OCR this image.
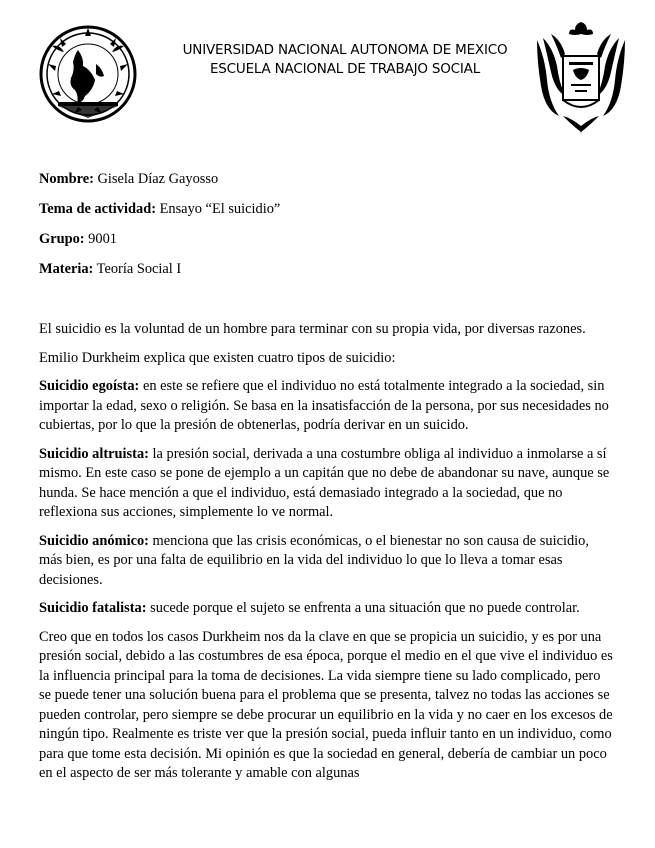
UNIVERSIDAD NACIONAL AUTONOMA DE MEXICO
ESCUELA NACIONAL DE TRABAJO SOCIAL
Nombre: Gisela Díaz Gayosso
Tema de actividad: Ensayo “El suicidio”
Grupo: 9001
Materia: Teoría Social I

El suicidio es la voluntad de un hombre para terminar con su propia vida, por diversas razones.

Emilio Durkheim explica que existen cuatro tipos de suicidio:

Suicidio egoísta: en este se refiere que el individuo no está totalmente integrado a la sociedad, sin importar la edad, sexo o religión. Se basa en la insatisfacción de la persona, por sus necesidades no cubiertas, por lo que la presión de obtenerlas, podría derivar en un suicido.

Suicidio altruista: la presión social, derivada a una costumbre obliga al individuo a inmolarse a sí mismo. En este caso se pone de ejemplo a un capitán que no debe de abandonar su nave, aunque se hunda. Se hace mención a que el individuo, está demasiado integrado a la sociedad, que no reflexiona sus acciones, simplemente lo ve normal.

Suicidio anómico: menciona que las crisis económicas, o el bienestar no son causa de suicidio, más bien, es por una falta de equilibrio en la vida del individuo lo que lo lleva a tomar esas decisiones.

Suicidio fatalista: sucede porque el sujeto se enfrenta a una situación que no puede controlar.

Creo que en todos los casos Durkheim nos da la clave en que se propicia un suicidio, y es por una presión social, debido a las costumbres de esa época, porque el medio en el que vive el individuo es la influencia principal para la toma de decisiones. La vida siempre tiene su lado complicado, pero se puede tener una solución buena para el problema que se presenta, talvez no todas las acciones se pueden controlar, pero siempre se debe procurar un equilibrio en la vida y no caer en los excesos de ningún tipo. Realmente es triste ver que la presión social, pueda influir tanto en un individuo, como para que tome esta decisión. Mi opinión es que la sociedad en general, debería de cambiar un poco en el aspecto de ser más tolerante y amable con algunas
